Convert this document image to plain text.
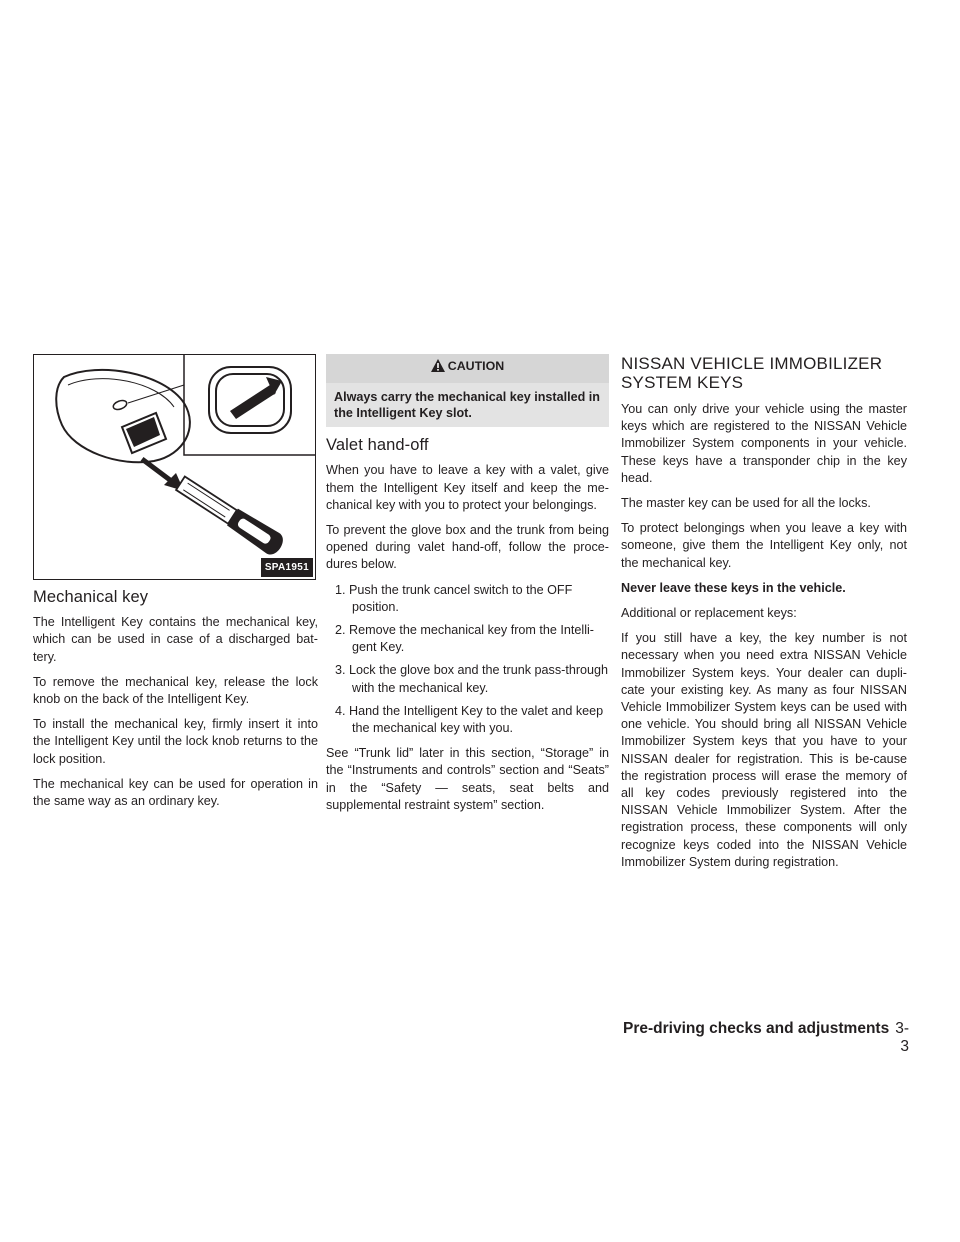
SPA1951
Mechanical key

The Intelligent Key contains the mechanical key, which can be used in case of a discharged bat-tery.

To remove the mechanical key, release the lock knob on the back of the Intelligent Key.

To install the mechanical key, firmly insert it into the Intelligent Key until the lock knob returns to the lock position.

The mechanical key can be used for operation in the same way as an ordinary key.

CAUTION
Always carry the mechanical key installed in the Intelligent Key slot.
Valet hand-off

When you have to leave a key with a valet, give them the Intelligent Key itself and keep the me-chanical key with you to protect your belongings.

To prevent the glove box and the trunk from being opened during valet hand-off, follow the proce-dures below.

1. Push the trunk cancel switch to the OFF position.
2. Remove the mechanical key from the Intelli-gent Key.
3. Lock the glove box and the trunk pass-through with the mechanical key.
4. Hand the Intelligent Key to the valet and keep the mechanical key with you.

See “Trunk lid” later in this section, “Storage” in the “Instruments and controls” section and “Seats” in the “Safety — seats, seat belts and supplemental restraint system” section.

NISSAN VEHICLE IMMOBILIZER
SYSTEM KEYS

You can only drive your vehicle using the master keys which are registered to the NISSAN Vehicle Immobilizer System components in your vehicle. These keys have a transponder chip in the key head.

The master key can be used for all the locks.

To protect belongings when you leave a key with someone, give them the Intelligent Key only, not the mechanical key.

Never leave these keys in the vehicle.

Additional or replacement keys:

If you still have a key, the key number is not necessary when you need extra NISSAN Vehicle Immobilizer System keys. Your dealer can dupli-cate your existing key. As many as four NISSAN Vehicle Immobilizer System keys can be used with one vehicle. You should bring all NISSAN Vehicle Immobilizer System keys that you have to your NISSAN dealer for registration. This is be-cause the registration process will erase the memory of all key codes previously registered into the NISSAN Vehicle Immobilizer System. After the registration process, these components will only recognize keys coded into the NISSAN Vehicle Immobilizer System during registration.

Pre-driving checks and adjustments 3-3
